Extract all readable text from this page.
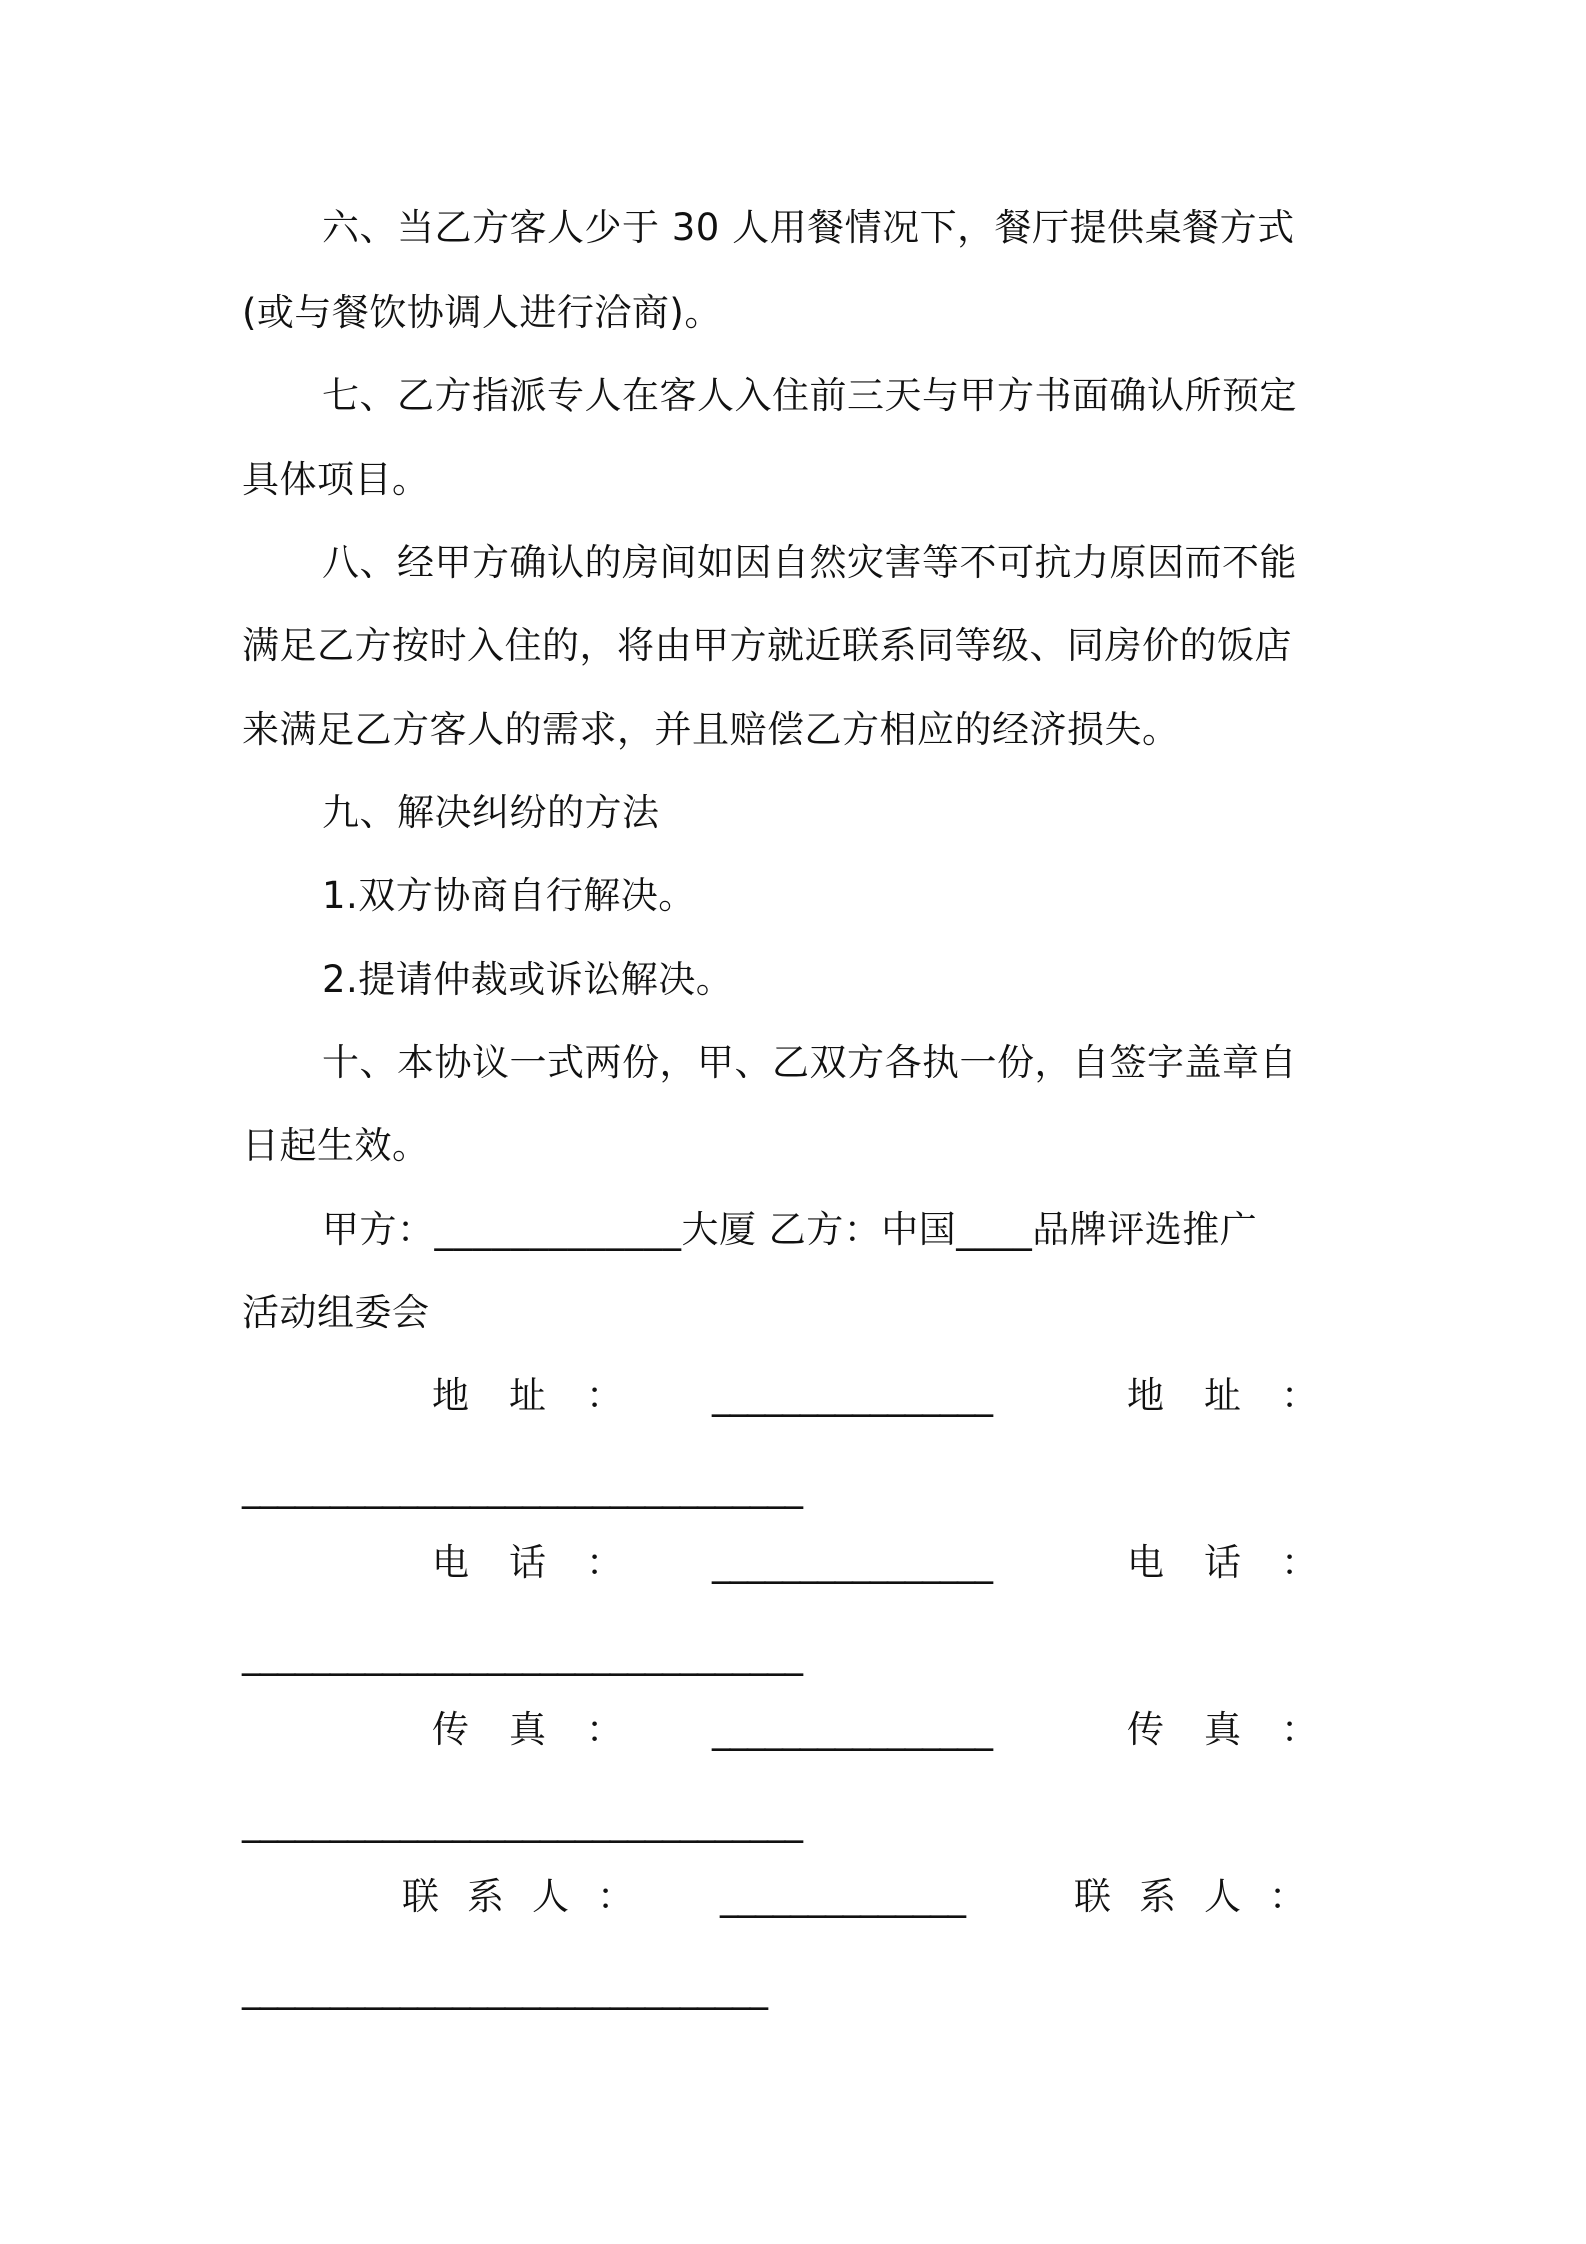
六、当乙方客人少于 30 人用餐情况下，餐厅提供桌餐方式
(或与餐饮协调人进行洽商)。
七、乙方指派专人在客人入住前三天与甲方书面确认所预定
具体项目。
八、经甲方确认的房间如因自然灾害等不可抗力原因而不能
满足乙方按时入住的，将由甲方就近联系同等级、同房价的饭店
来满足乙方客人的需求，并且赔偿乙方相应的经济损失。
九、解决纠纷的方法
1.双方协商自行解决。
2.提请仲裁或诉讼解决。
十、本协议一式两份，甲、乙双方各执一份，自签字盖章自
日起生效。
甲方：_____________大厦 乙方：中国____品牌评选推广
活动组委会
地址： ________________	地址：
________________________________
电话： ________________	电话：
________________________________
传真： ________________	传真：
________________________________
联系人： ______________	联系人：
______________________________
